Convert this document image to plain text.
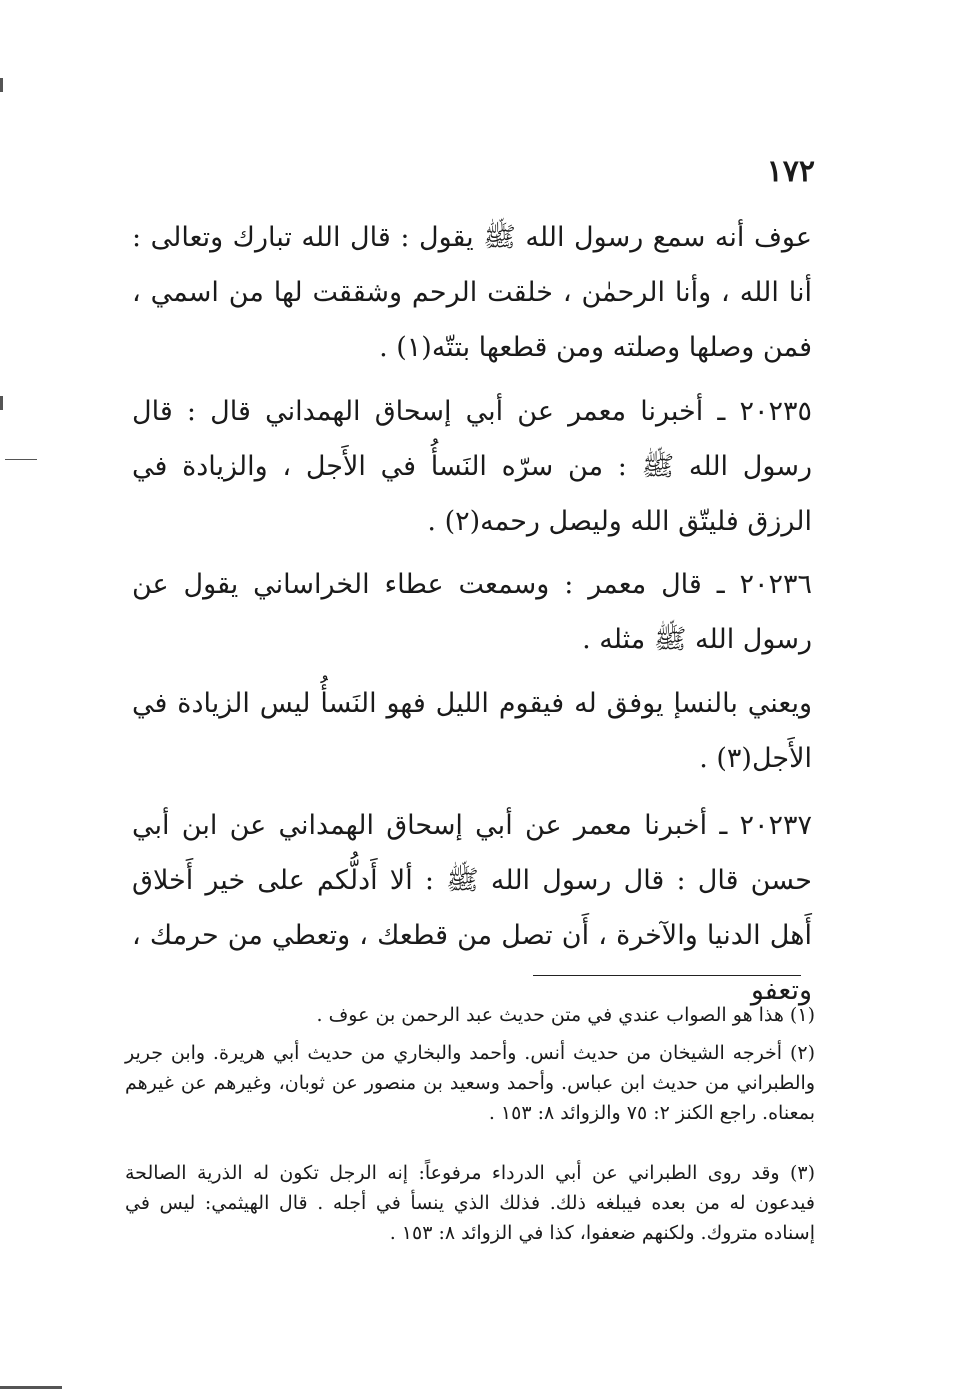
١٧٢
عوف أنه سمع رسول الله ﷺ يقول : قال الله تبارك وتعالى : أنا الله ، وأنا الرحمٰن ، خلقت الرحم وشققت لها من اسمي ، فمن وصلها وصلته ومن قطعها بتتّه(١) .
٢٠٢٣٥ ـ أخبرنا معمر عن أبي إسحاق الهمداني قال : قال رسول الله ﷺ : من سرّه النَسأُ في الأَجل ، والزيادة في الرزق فليتّق الله وليصل رحمه(٢) .
٢٠٢٣٦ ـ قال معمر : وسمعت عطاء الخراساني يقول عن رسول الله ﷺ مثله .
ويعني بالنسإ يوفق له فيقوم الليل فهو النَسأُ ليس الزيادة في الأَجل(٣) .
٢٠٢٣٧ ـ أخبرنا معمر عن أبي إسحاق الهمداني عن ابن أبي حسن قال : قال رسول الله ﷺ : ألا أَدلُّكم على خير أَخلاق أَهل الدنيا والآخرة ، أَن تصل من قطعك ، وتعطي من حرمك ، وتعفو
(١) هذا هو الصواب عندي في متن حديث عبد الرحمن بن عوف .
(٢) أخرجه الشيخان من حديث أنس. وأحمد والبخاري من حديث أبي هريرة. وابن جرير والطبراني من حديث ابن عباس. وأحمد وسعيد بن منصور عن ثوبان، وغيرهم عن غيرهم بمعناه. راجع الكنز ٢: ٧٥ والزوائد ٨: ١٥٣ .
(٣) وقد روى الطبراني عن أبي الدرداء مرفوعاً: إنه الرجل تكون له الذرية الصالحة فيدعون له من بعده فيبلغه ذلك. فذلك الذي ينسأ في أجله . قال الهيثمي: ليس في إسناده متروك. ولكنهم ضعفوا، كذا في الزوائد ٨: ١٥٣ .
